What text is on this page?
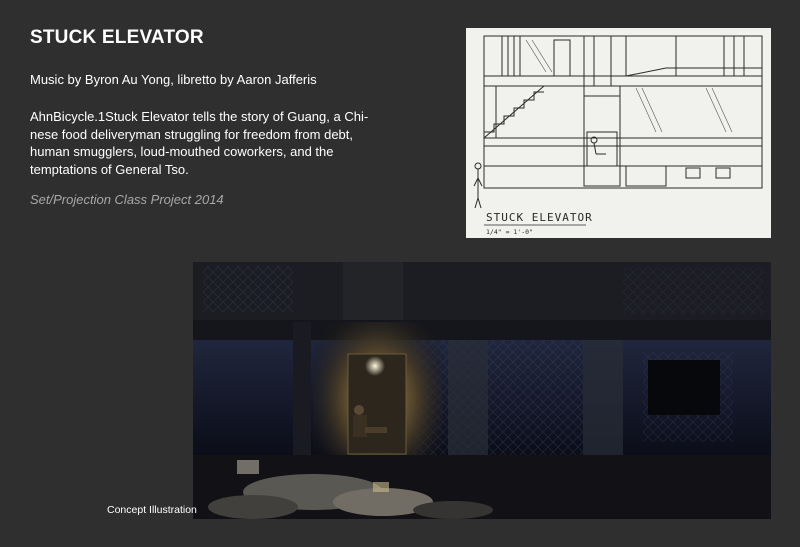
STUCK ELEVATOR

Music by Byron Au Yong, libretto by Aaron Jafferis

AhnBicycle.1Stuck Elevator tells the story of Guang, a Chi-nese food deliveryman struggling for freedom from debt, human smugglers, loud-mouthed coworkers, and the temptations of General Tso.

Set/Projection Class Project 2014

STUCK ELEVATOR
1/4" = 1'-0"

Concept Illustration
